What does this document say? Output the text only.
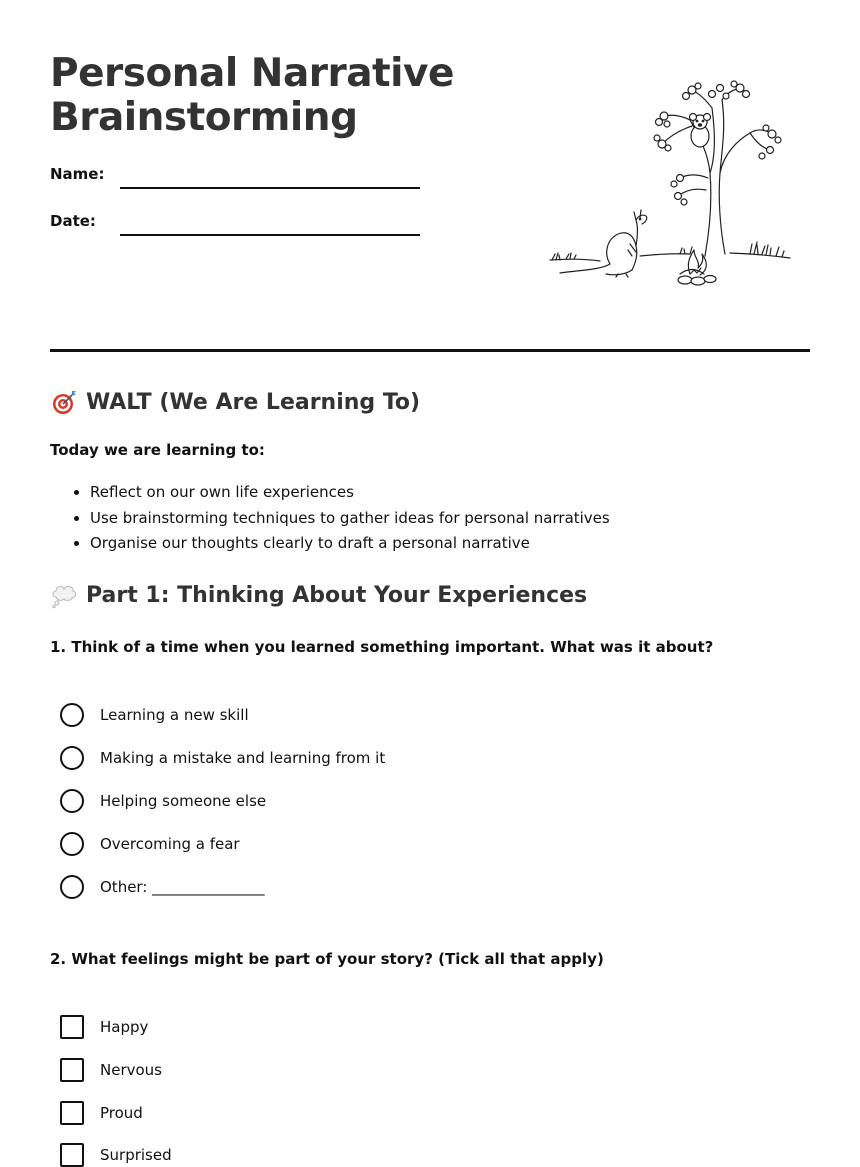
Personal Narrative
Brainstorming
Name:
Date:
WALT (We Are Learning To)
Today we are learning to:
• Reflect on our own life experiences
• Use brainstorming techniques to gather ideas for personal narratives
• Organise our thoughts clearly to draft a personal narrative
Part 1: Thinking About Your Experiences
1. Think of a time when you learned something important. What was it about?
Learning a new skill
Making a mistake and learning from it
Helping someone else
Overcoming a fear
Other: _______________
2. What feelings might be part of your story? (Tick all that apply)
Happy
Nervous
Proud
Surprised
